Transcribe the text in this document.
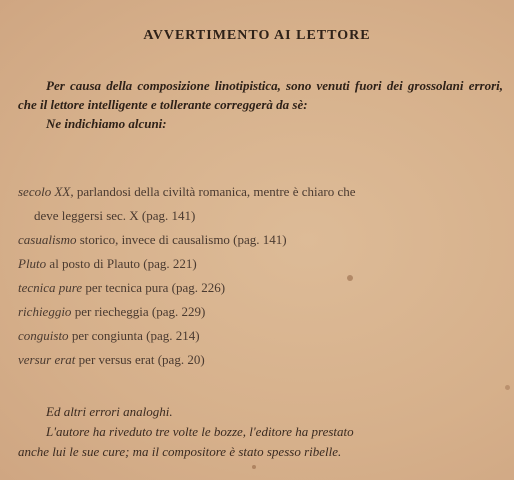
AVVERTIMENTO AI LETTORE

Per causa della composizione linotipistica, sono venuti fuori dei grossolani errori, che il lettore intelligente e tollerante correggerà da sè:

Ne indichiamo alcuni:

secolo XX, parlandosi della civiltà romanica, mentre è chiaro che
deve leggersi sec. X (pag. 141)
casualismo storico, invece di causalismo (pag. 141)
Pluto al posto di Plauto (pag. 221)
tecnica pure per tecnica pura (pag. 226)
richieggio per riecheggia (pag. 229)
conguisto per congiunta (pag. 214)
versur erat per versus erat (pag. 20)

Ed altri errori analoghi.

L'autore ha riveduto tre volte le bozze, l'editore ha prestato

anche lui le sue cure; ma il compositore è stato spesso ribelle.
